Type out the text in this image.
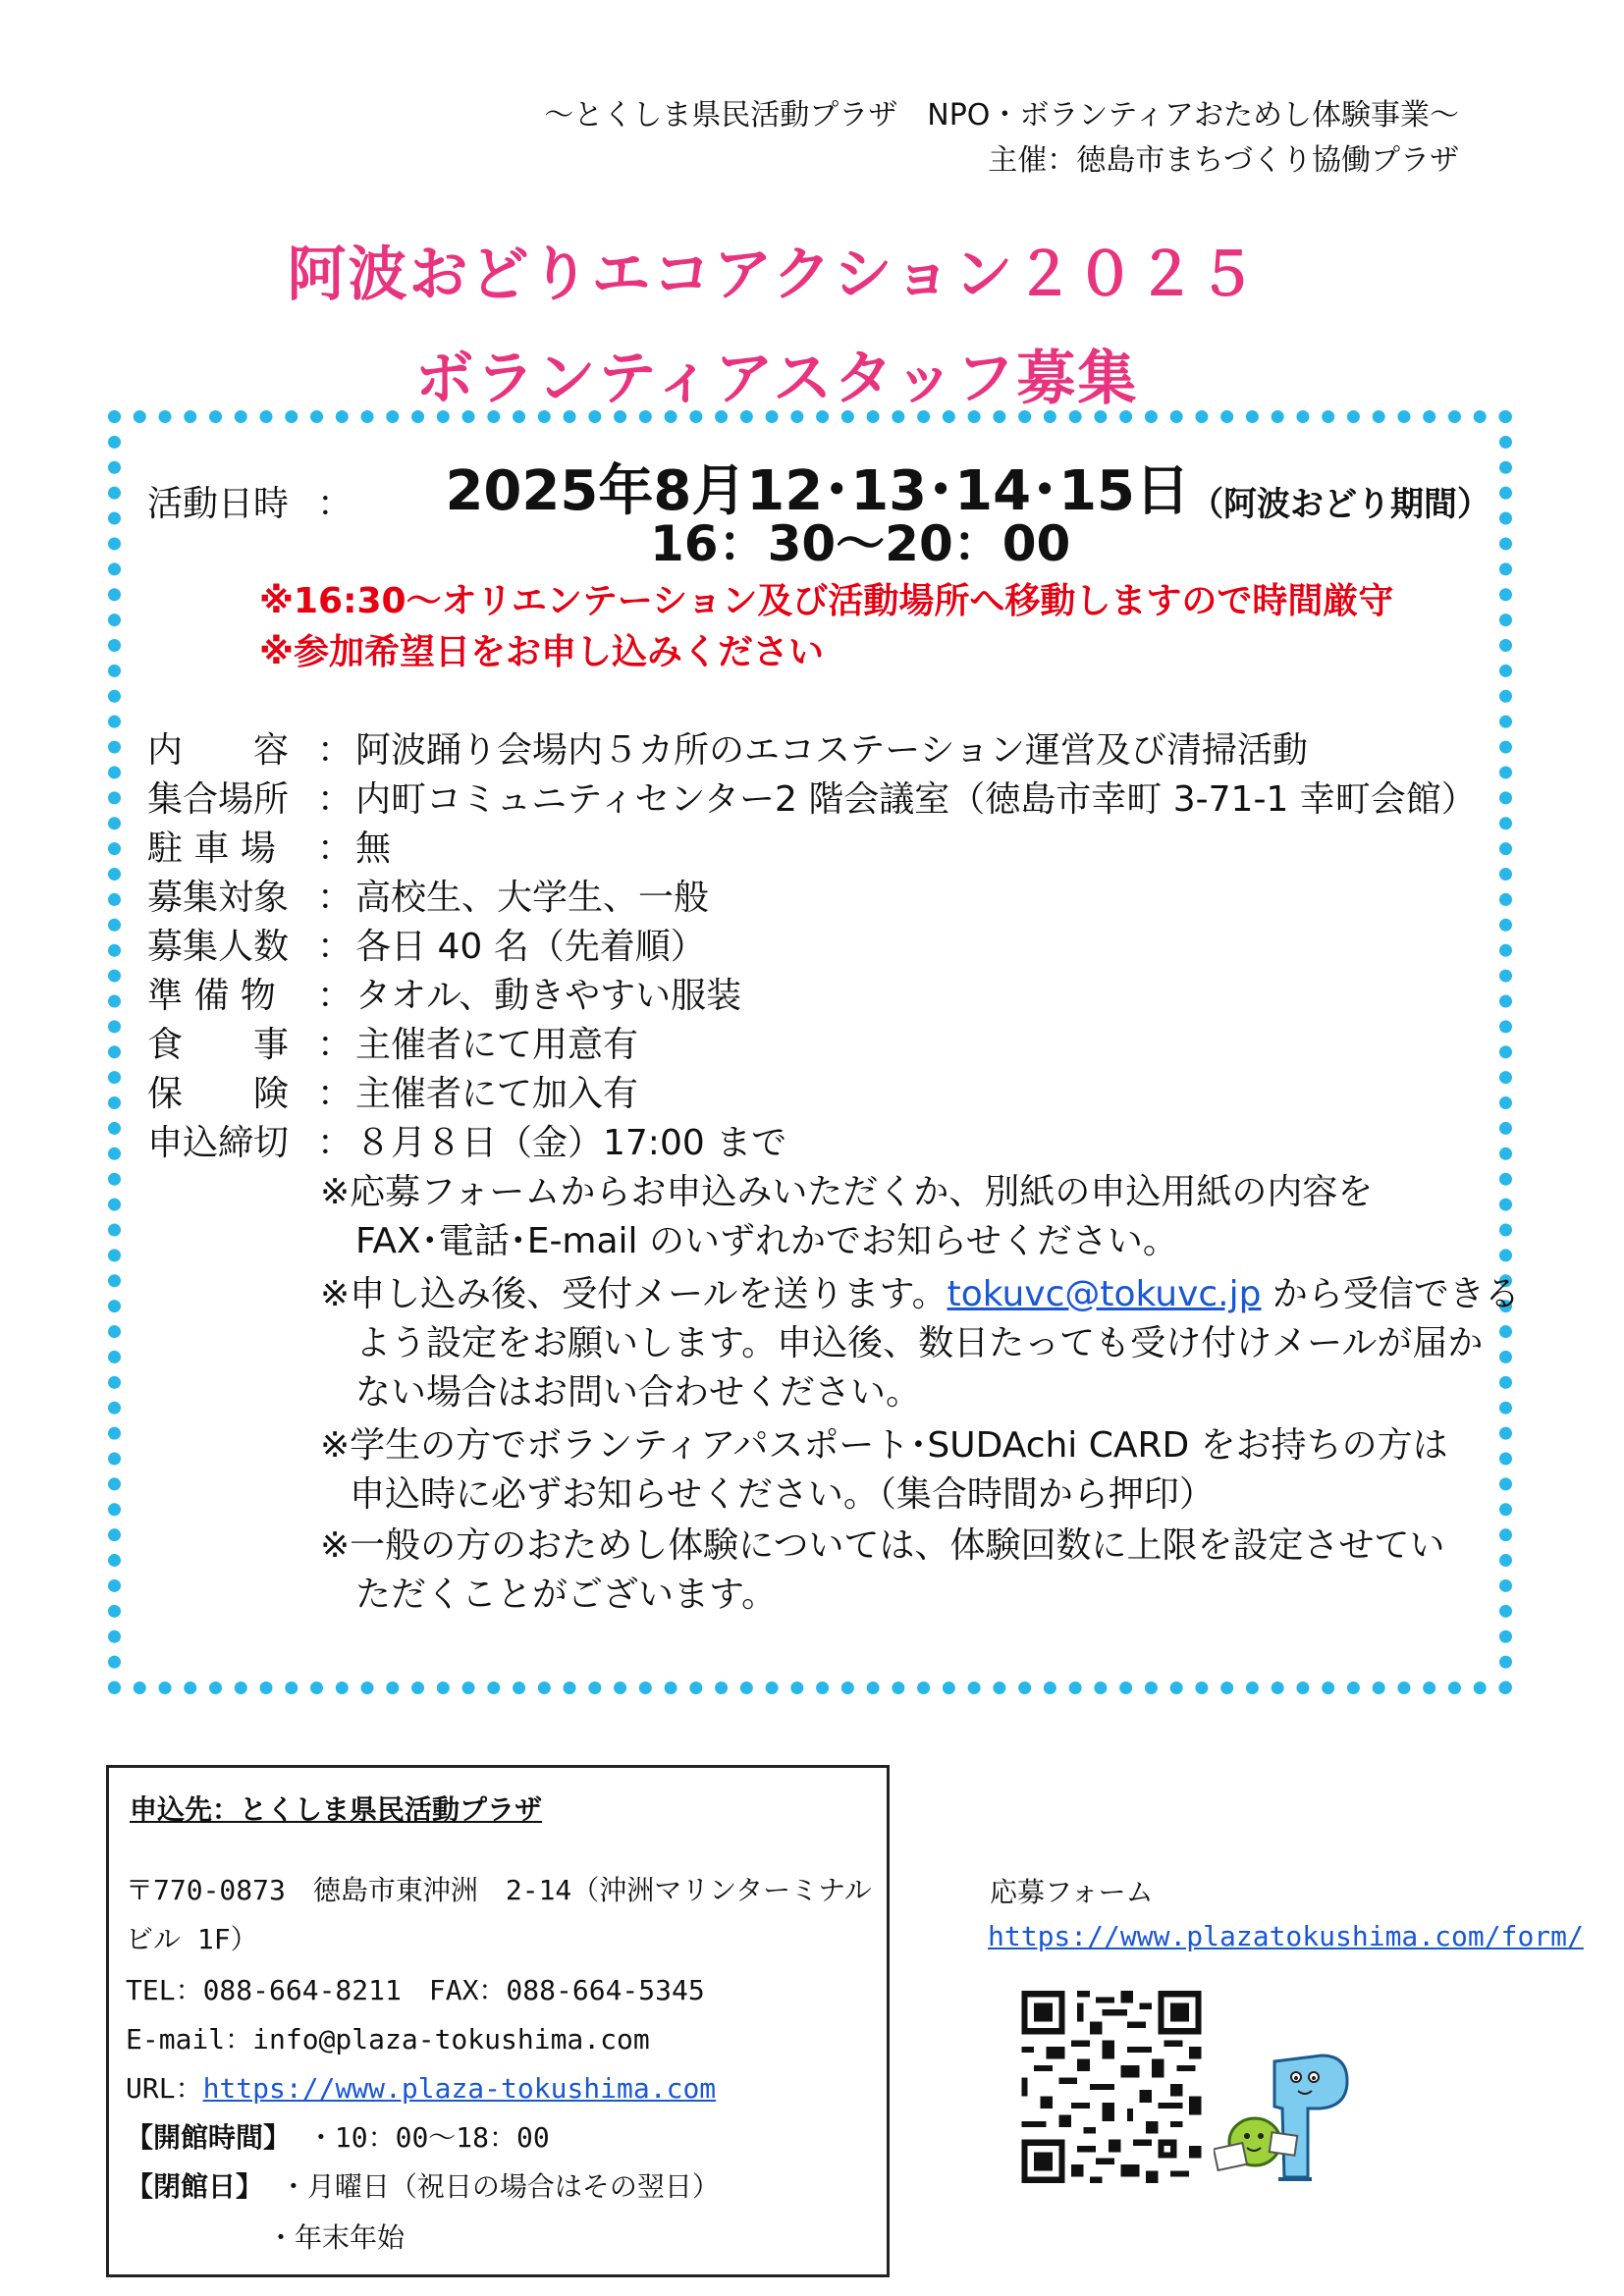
〜とくしま県民活動プラザ　NPO・ボランティアおためし体験事業〜
主催：徳島市まちづくり協働プラザ
阿波おどりエコアクション２０２５
ボランティアスタッフ募集
活動日時 ： 2025年8月12･13･14･15日（阿波おどり期間）
16：30〜20：00
※16:30〜オリエンテーション及び活動場所へ移動しますので時間厳守
※参加希望日をお申し込みください
内　　容 ：阿波踊り会場内５カ所のエコステーション運営及び清掃活動
集合場所 ：内町コミュニティセンター2 階会議室（徳島市幸町 3-71-1 幸町会館）
駐 車 場 ：無
募集対象 ：高校生、大学生、一般
募集人数 ：各日 40 名（先着順）
準 備 物 ：タオル、動きやすい服装
食　　事 ：主催者にて用意有
保　　険 ：主催者にて加入有
申込締切 ：８月８日（金）17:00 まで
※応募フォームからお申込みいただくか、別紙の申込用紙の内容を
FAX･電話･E-mail のいずれかでお知らせください。
※申し込み後、受付メールを送ります。tokuvc@tokuvc.jp から受信できる
よう設定をお願いします。申込後、数日たっても受け付けメールが届か
ない場合はお問い合わせください。
※学生の方でボランティアパスポート･SUDAchi CARD をお持ちの方は
申込時に必ずお知らせください。（集合時間から押印）
※一般の方のおためし体験については、体験回数に上限を設定させてい
ただくことがございます。
申込先：とくしま県民活動プラザ
〒770-0873　徳島市東沖洲　2-14（沖洲マリンターミナル
ビル 1F）
TEL：088-664-8211　FAX：088-664-5345
E-mail：info@plaza-tokushima.com
URL：https://www.plaza-tokushima.com
【開館時間】 ・10：00〜18：00
【閉館日】 ・月曜日（祝日の場合はその翌日）
・年末年始
応募フォーム
https://www.plazatokushima.com/form/
